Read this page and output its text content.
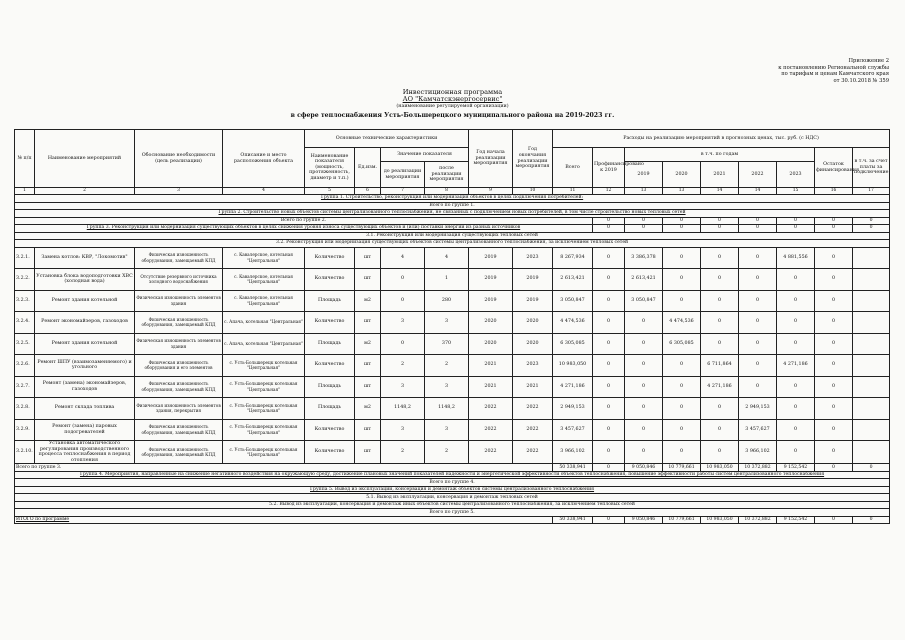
Приложение 2
к постановлению Региональной службы
по тарифам и ценам Камчатского края
от 30.10.2018 № 359
Инвестиционная программа
АО "Камчатскэнергосервис"
(наименование регулируемой организации)
в сфере теплоснабжения Усть-Большерецкого муниципального района на 2019-2023 гг.
№ п/п	Наименование мероприятий	Обоснование необходимости (цель реализации)	Описание и место расположения объекта	Основные технические характеристики				Год начала реализации мероприятия	Год окончания реализации мероприятия	Расходы на реализацию мероприятий в прогнозных ценах, тыс. руб. (с НДС)									
				Наименование показателя (мощность, протяженность, диаметр и т.п.)	Ед.изм.	Значение показателя				Всего	Профинансировано к 2019	в т.ч. по годам					Остаток финансирования	в т.ч. за счет платы за подключение	
						до реализации мероприятия	после реализации мероприятия					2019	2020	2021	2022	2023			
1	2	3	4	5	6	7	8	9	10	11	12	13	13	14	14	15	16	17	
Группа 1. Строительство, реконструкция или модернизация объектов в целях подключения потребителей:																			
Всего по группе 1.																			
Группа 2. Строительство новых объектов системы централизованного теплоснабжения, не связанных с подключением новых потребителей, в том числе строительство новых тепловых сетей																			
Всего по группе 2.											0	0	0	0	0	0	0	0	
Группа 3. Реконструкция или модернизация существующих объектов в целях снижения уровня износа существующих объектов и (или) поставки энергии из разных источников											0	0	0	0	0	0	0	0	
3.1. Реконструкция или модернизация существующих тепловых сетей																			
3.2. Реконструкция или модернизация существующих объектов системы централизованного теплоснабжения, за исключением тепловых сетей																			
3.2.1.	Замена котлов: КВР, "Локомотив"	Физическая изношенность оборудования, замещаемый КПД	с. Кавалерское, котельная "Центральная"	Количество	шт	4	4	2019	2023	8 267,934	0	3 386,378	0	0	0	4 881,556	0		
3.2.2.	Установка блока водоподготовки ХВС (холодная вода)	Отсутствие резервного источника холодного водоснабжения	с. Кавалерское, котельная "Центральная"	Количество	шт	0	1	2019	2019	2 613,421	0	2 613,421	0	0	0	0	0		
3.2.3.	Ремонт здания котельной	Физическая изношенность элементов здания	с. Кавалерское, котельная "Центральная"	Площадь	м2	0	280	2019	2019	3 050,847	0	3 050,847	0	0	0	0	0		
3.2.4.	Ремонт экономайзеров, газоходов	Физическая изношенность оборудования, замещаемый КПД	с. Апача, котельная "Центральная"	Количество	шт	3	3	2020	2020	4 474,536	0	0	4 474,536	0	0	0	0		
3.2.5.	Ремонт здания котельной	Физическая изношенность элементов здания	с. Апача, котельная "Центральная"	Площадь	м2	0	370	2020	2020	6 305,085	0	0	6 305,085	0	0	0	0		
3.2.6.	Ремонт ШПУ (взаимозаменяемого) и угольного	Физическая изношенность оборудования и его элементов	с. Усть-Большерецк котельная "Центральная"	Количество	шт	2	2	2021	2023	10 983,050	0	0	0	6 711,864	0	4 271,186	0		
3.2.7.	Ремонт (замена) экономайзеров, газоходов	Физическая изношенность оборудования, замещаемый КПД	с. Усть-Большерецк котельная "Центральная"	Площадь	шт	3	3	2021	2021	4 271,186	0	0	0	4 271,186	0	0	0		
3.2.8.	Ремонт склада топлива	Физическая изношенность элементов здания, перекрытия	с. Усть-Большерецк котельная "Центральная"	Площадь	м2	1148,2	1148,2	2022	2022	2 949,153	0	0	0	0	2 949,153	0	0		
3.2.9.	Ремонт (замена) паровых подогревателей	Физическая изношенность оборудования, замещаемый КПД	с. Усть-Большерецк котельная "Центральная"	Количество	шт	3	3	2022	2022	3 457,627	0	0	0	0	3 457,627	0	0		
3.2.10.	Установка автоматического регулирования производственного процесса теплоснабжения в период отопления	Физическая изношенность оборудования, замещаемый КПД	с. Усть-Большерецк котельная "Центральная"	Количество	шт	2	2	2022	2022	3 966,102	0	0	0	0	3 966,102	0	0		
Всего по группе 3.										50 338,941	0	9 050,846	10 779,661	10 983,050	10 372,882	9 152,542	0	0	
Группа 4. Мероприятия, направленные на снижение негативного воздействия на окружающую среду, достижение плановых значений показателей надежности и энергетической эффективности объектов теплоснабжения, повышение эффективности работы систем централизованного теплоснабжения																			
Всего по группе 4.																			
Группа 5. Вывод из эксплуатации, консервация и демонтаж объектов системы централизованного теплоснабжения																			
5.1. Вывод из эксплуатации, консервация и демонтаж тепловых сетей																			
5.2. Вывод из эксплуатации, консервация и демонтаж иных объектов системы централизованного теплоснабжения, за исключением тепловых сетей																			
Всего по группе 5.																			
ИТОГО по программе										50 338,941	0	9 050,846	10 779,661	10 983,050	10 372,882	9 152,542	0	0	
